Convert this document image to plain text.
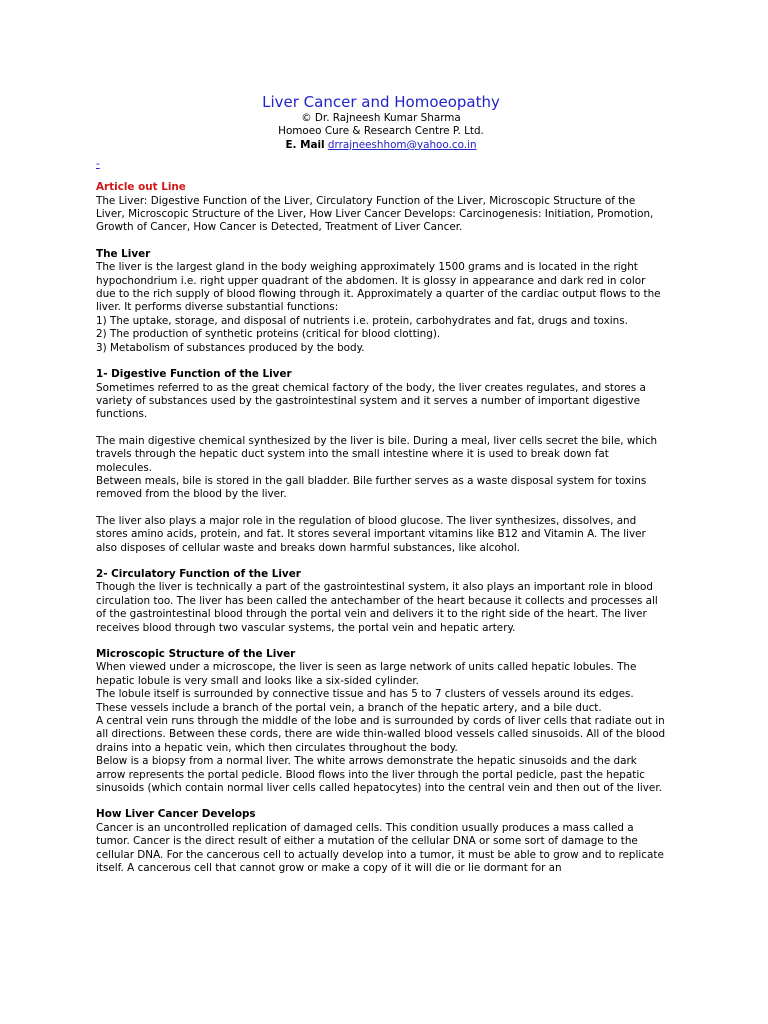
Liver Cancer and Homoeopathy

© Dr. Rajneesh Kumar Sharma

Homoeo Cure & Research Centre P. Ltd.

E. Mail drrajneeshhom@yahoo.co.in

-

Article out Line

The Liver: Digestive Function of the Liver, Circulatory Function of the Liver, Microscopic Structure of the Liver, Microscopic Structure of the Liver, How Liver Cancer Develops: Carcinogenesis: Initiation, Promotion, Growth of Cancer, How Cancer is Detected, Treatment of Liver Cancer.

The Liver

The liver is the largest gland in the body weighing approximately 1500 grams and is located in the right hypochondrium i.e. right upper quadrant of the abdomen. It is glossy in appearance and dark red in color due to the rich supply of blood flowing through it. Approximately a quarter of the cardiac output flows to the liver. It performs diverse substantial functions:

1) The uptake, storage, and disposal of nutrients i.e. protein, carbohydrates and fat, drugs and toxins.

2) The production of synthetic proteins (critical for blood clotting).

3) Metabolism of substances produced by the body.

1- Digestive Function of the Liver

Sometimes referred to as the great chemical factory of the body, the liver creates regulates, and stores a variety of substances used by the gastrointestinal system and it serves a number of important digestive functions.

The main digestive chemical synthesized by the liver is bile. During a meal, liver cells secret the bile, which travels through the hepatic duct system into the small intestine where it is used to break down fat molecules.

Between meals, bile is stored in the gall bladder. Bile further serves as a waste disposal system for toxins removed from the blood by the liver.

The liver also plays a major role in the regulation of blood glucose. The liver synthesizes, dissolves, and stores amino acids, protein, and fat. It stores several important vitamins like B12 and Vitamin A. The liver also disposes of cellular waste and breaks down harmful substances, like alcohol.

2- Circulatory Function of the Liver

Though the liver is technically a part of the gastrointestinal system, it also plays an important role in blood circulation too. The liver has been called the antechamber of the heart because it collects and processes all of the gastrointestinal blood through the portal vein and delivers it to the right side of the heart. The liver receives blood through two vascular systems, the portal vein and hepatic artery.

Microscopic Structure of the Liver

When viewed under a microscope, the liver is seen as large network of units called hepatic lobules. The hepatic lobule is very small and looks like a six-sided cylinder.

The lobule itself is surrounded by connective tissue and has 5 to 7 clusters of vessels around its edges. These vessels include a branch of the portal vein, a branch of the hepatic artery, and a bile duct.

A central vein runs through the middle of the lobe and is surrounded by cords of liver cells that radiate out in all directions. Between these cords, there are wide thin-walled blood vessels called sinusoids. All of the blood drains into a hepatic vein, which then circulates throughout the body.

Below is a biopsy from a normal liver. The white arrows demonstrate the hepatic sinusoids and the dark arrow represents the portal pedicle. Blood flows into the liver through the portal pedicle, past the hepatic sinusoids (which contain normal liver cells called hepatocytes) into the central vein and then out of the liver.

How Liver Cancer Develops

Cancer is an uncontrolled replication of damaged cells. This condition usually produces a mass called a tumor. Cancer is the direct result of either a mutation of the cellular DNA or some sort of damage to the cellular DNA. For the cancerous cell to actually develop into a tumor, it must be able to grow and to replicate itself. A cancerous cell that cannot grow or make a copy of it will die or lie dormant for an
